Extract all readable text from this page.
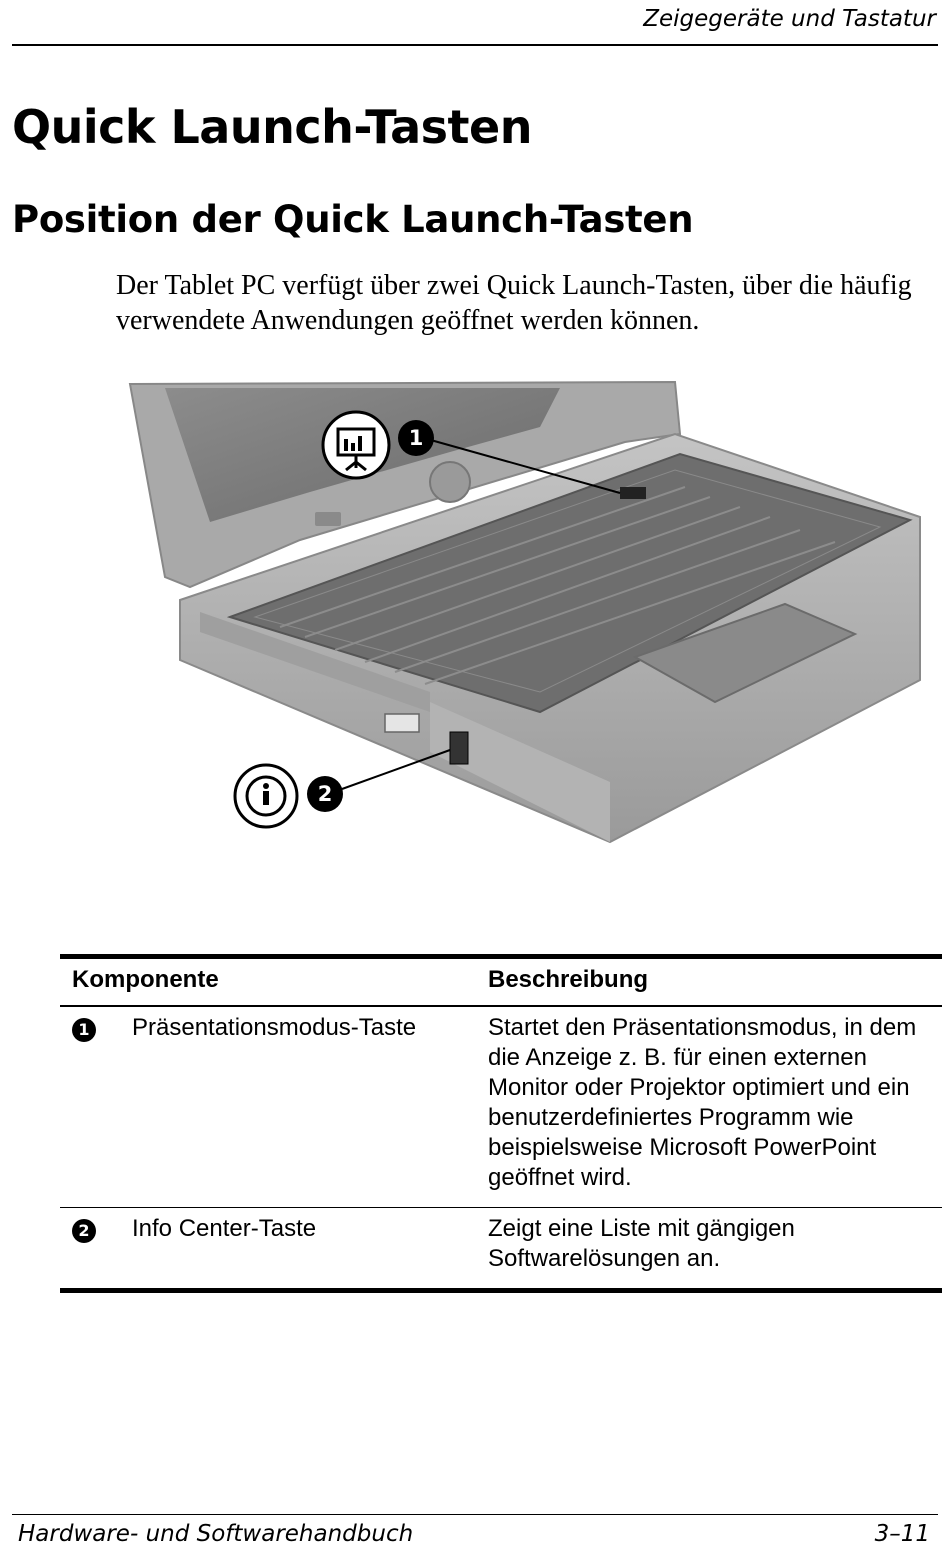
Zeigegeräte und Tastatur
Quick Launch-Tasten
Position der Quick Launch-Tasten

Der Tablet PC verfügt über zwei Quick Launch-Tasten, über die häufig verwendete Anwendungen geöffnet werden können.

1
2
Komponente		Beschreibung
1	Präsentationsmodus-Taste	Startet den Präsentationsmodus, in dem die Anzeige z. B. für einen externen Monitor oder Projektor optimiert und ein benutzerdefiniertes Programm wie beispielsweise Microsoft PowerPoint geöffnet wird.
2	Info Center-Taste	Zeigt eine Liste mit gängigen Softwarelösungen an.
Hardware- und Softwarehandbuch	3–11
